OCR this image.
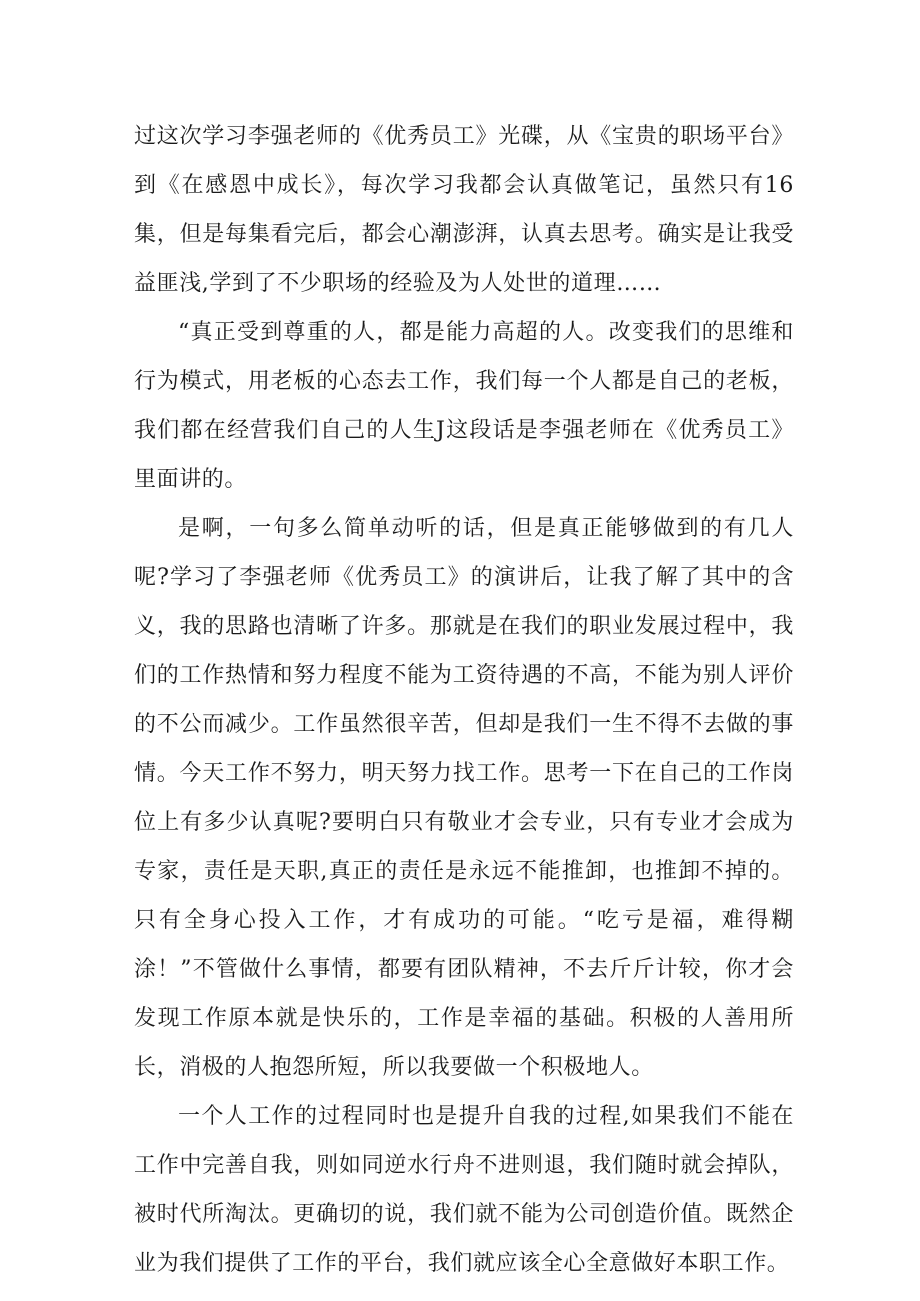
过这次学习李强老师的《优秀员工》光碟，从《宝贵的职场平台》到《在感恩中成长》，每次学习我都会认真做笔记，虽然只有16集，但是每集看完后，都会心潮澎湃，认真去思考。确实是让我受益匪浅,学到了不少职场的经验及为人处世的道理……

“真正受到尊重的人，都是能力高超的人。改变我们的思维和行为模式，用老板的心态去工作，我们每一个人都是自己的老板，我们都在经营我们自己的人生J这段话是李强老师在《优秀员工》里面讲的。

是啊，一句多么简单动听的话，但是真正能够做到的有几人呢?学习了李强老师《优秀员工》的演讲后，让我了解了其中的含义，我的思路也清晰了许多。那就是在我们的职业发展过程中，我们的工作热情和努力程度不能为工资待遇的不高，不能为别人评价的不公而减少。工作虽然很辛苦，但却是我们一生不得不去做的事情。今天工作不努力，明天努力找工作。思考一下在自己的工作岗位上有多少认真呢?要明白只有敬业才会专业，只有专业才会成为专家，责任是天职,真正的责任是永远不能推卸，也推卸不掉的。只有全身心投入工作，才有成功的可能。“吃亏是福，难得糊涂！”不管做什么事情，都要有团队精神，不去斤斤计较，你才会发现工作原本就是快乐的，工作是幸福的基础。积极的人善用所长，消极的人抱怨所短，所以我要做一个积极地人。

一个人工作的过程同时也是提升自我的过程,如果我们不能在工作中完善自我，则如同逆水行舟不进则退，我们随时就会掉队，被时代所淘汰。更确切的说，我们就不能为公司创造价值。既然企业为我们提供了工作的平台，我们就应该全心全意做好本职工作。
